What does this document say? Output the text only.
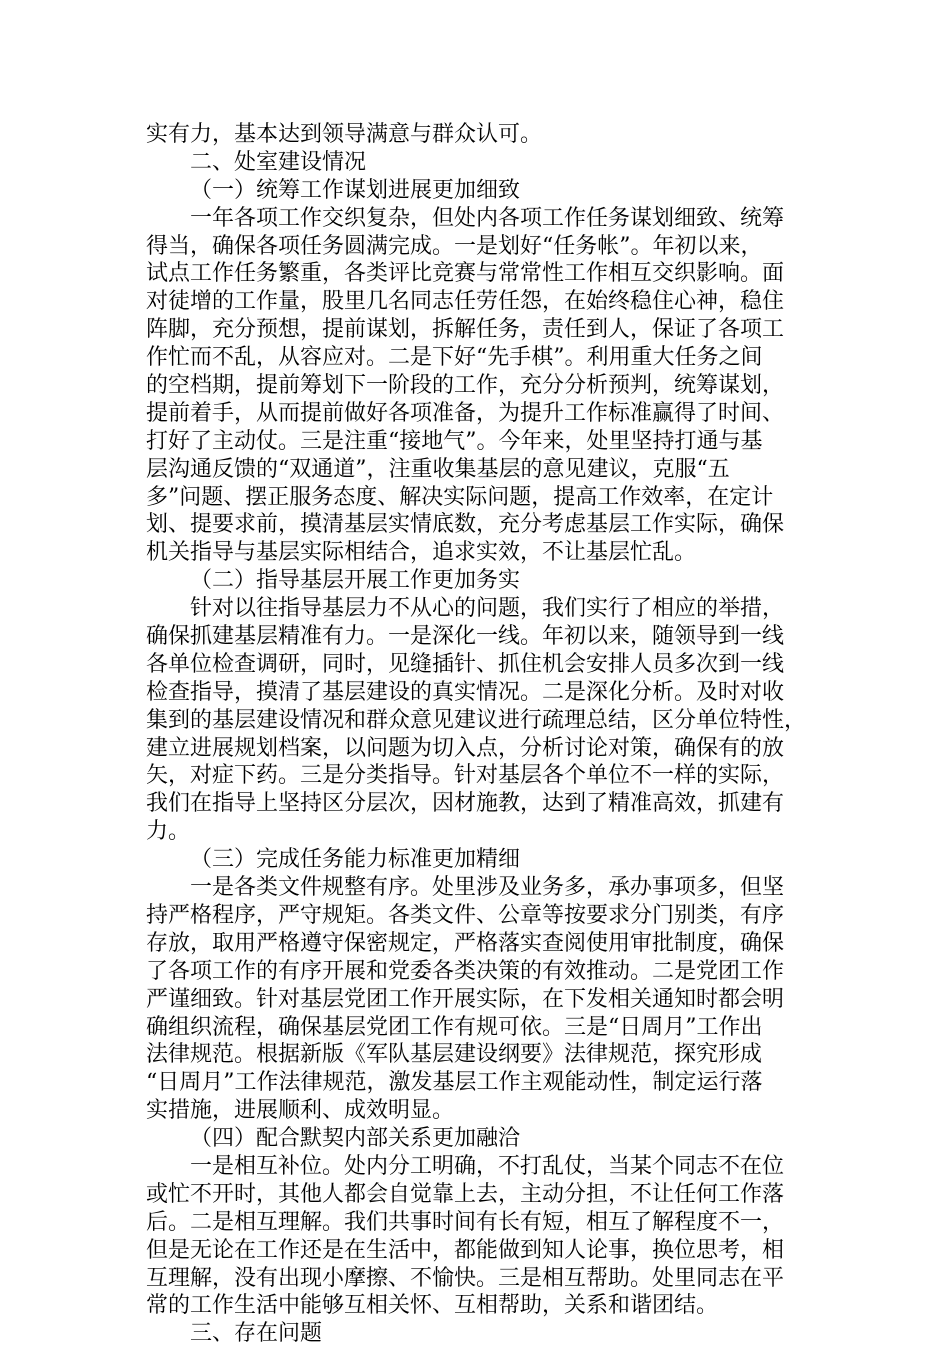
实有力，基本达到领导满意与群众认可。
二、处室建设情况
（一）统筹工作谋划进展更加细致
一年各项工作交织复杂，但处内各项工作任务谋划细致、统筹
得当，确保各项任务圆满完成。一是划好“任务帐”。年初以来，
试点工作任务繁重，各类评比竞赛与常常性工作相互交织影响。面
对徒增的工作量，股里几名同志任劳任怨，在始终稳住心神，稳住
阵脚，充分预想，提前谋划，拆解任务，责任到人，保证了各项工
作忙而不乱，从容应对。二是下好“先手棋”。利用重大任务之间
的空档期，提前筹划下一阶段的工作，充分分析预判，统筹谋划，
提前着手，从而提前做好各项准备，为提升工作标准赢得了时间、
打好了主动仗。三是注重“接地气”。今年来，处里坚持打通与基
层沟通反馈的“双通道”，注重收集基层的意见建议，克服“五
多”问题、摆正服务态度、解决实际问题，提高工作效率，在定计
划、提要求前，摸清基层实情底数，充分考虑基层工作实际，确保
机关指导与基层实际相结合，追求实效，不让基层忙乱。
（二）指导基层开展工作更加务实
针对以往指导基层力不从心的问题，我们实行了相应的举措，
确保抓建基层精准有力。一是深化一线。年初以来，随领导到一线
各单位检查调研，同时，见缝插针、抓住机会安排人员多次到一线
检查指导，摸清了基层建设的真实情况。二是深化分析。及时对收
集到的基层建设情况和群众意见建议进行疏理总结，区分单位特性，
建立进展规划档案，以问题为切入点，分析讨论对策，确保有的放
矢，对症下药。三是分类指导。针对基层各个单位不一样的实际，
我们在指导上坚持区分层次，因材施教，达到了精准高效，抓建有
力。
（三）完成任务能力标准更加精细
一是各类文件规整有序。处里涉及业务多，承办事项多，但坚
持严格程序，严守规矩。各类文件、公章等按要求分门别类，有序
存放，取用严格遵守保密规定，严格落实查阅使用审批制度，确保
了各项工作的有序开展和党委各类决策的有效推动。二是党团工作
严谨细致。针对基层党团工作开展实际，在下发相关通知时都会明
确组织流程，确保基层党团工作有规可依。三是“日周月”工作出
法律规范。根据新版《军队基层建设纲要》法律规范，探究形成
“日周月”工作法律规范，激发基层工作主观能动性，制定运行落
实措施，进展顺利、成效明显。
（四）配合默契内部关系更加融洽
一是相互补位。处内分工明确，不打乱仗，当某个同志不在位
或忙不开时，其他人都会自觉靠上去，主动分担，不让任何工作落
后。二是相互理解。我们共事时间有长有短，相互了解程度不一，
但是无论在工作还是在生活中，都能做到知人论事，换位思考，相
互理解，没有出现小摩擦、不愉快。三是相互帮助。处里同志在平
常的工作生活中能够互相关怀、互相帮助，关系和谐团结。
三、存在问题
